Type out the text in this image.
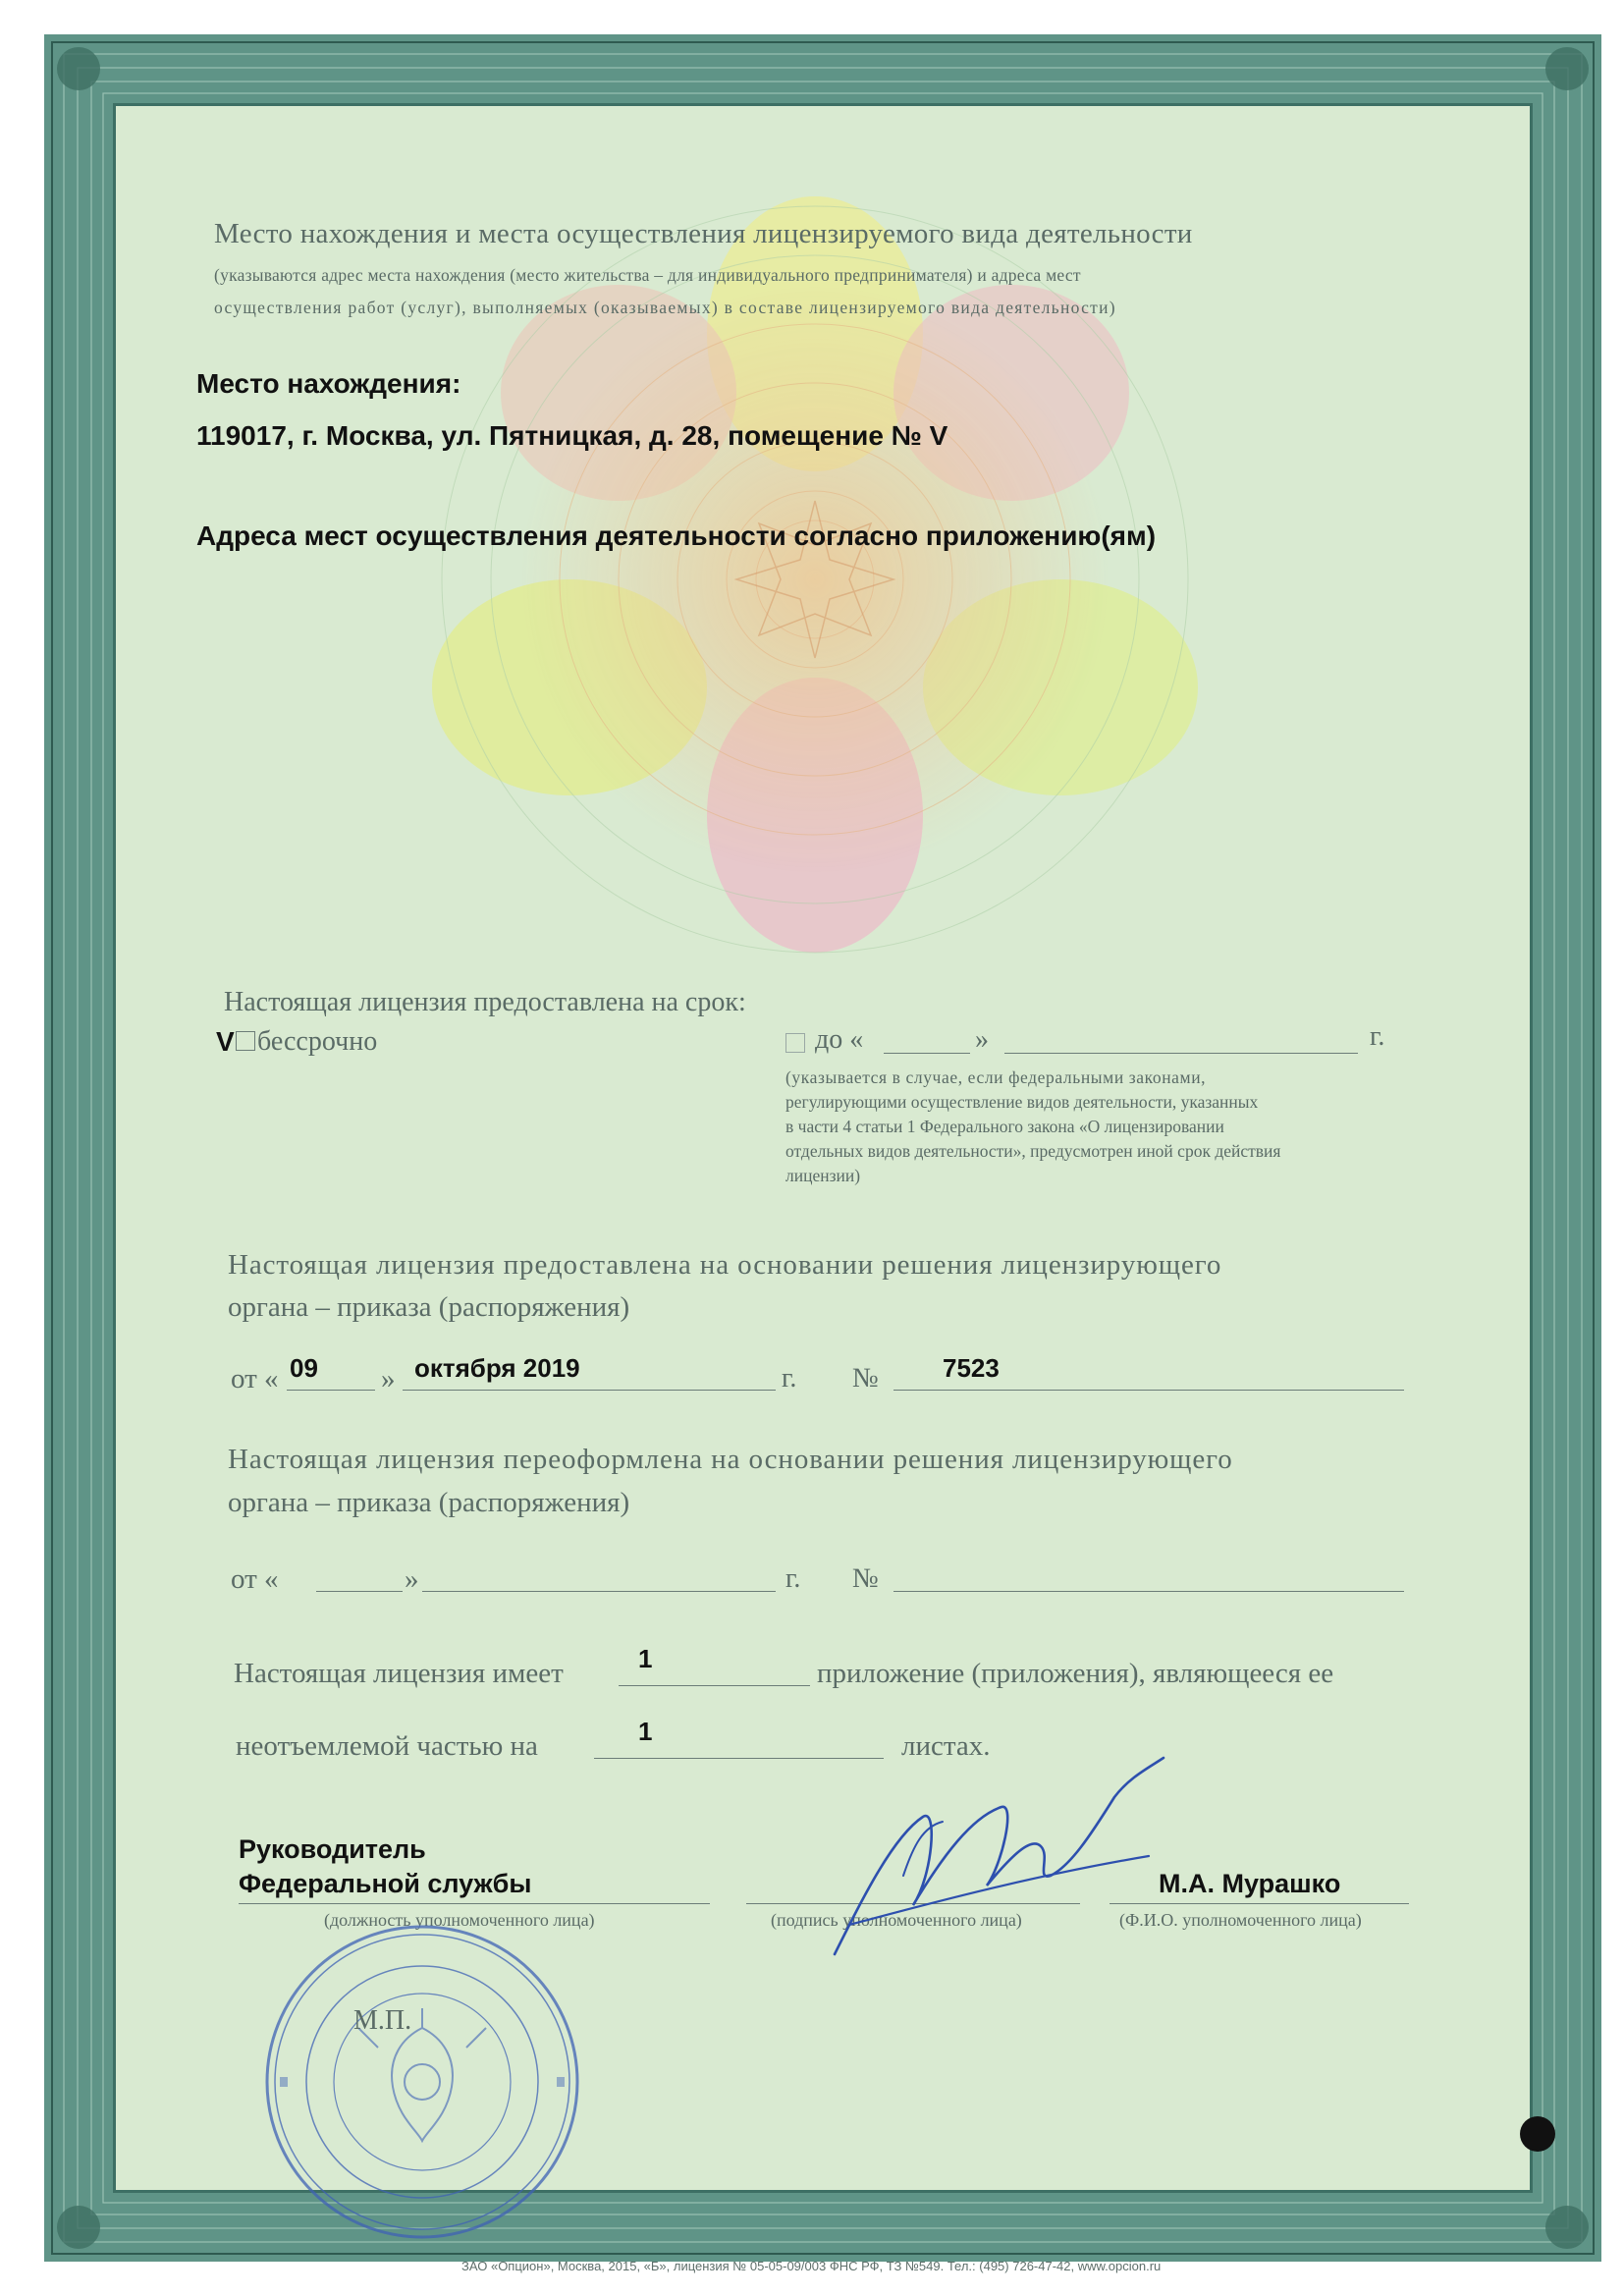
Место нахождения и места осуществления лицензируемого вида деятельности
(указываются адрес места нахождения (место жительства – для индивидуального предпринимателя) и адреса мест
осуществления работ (услуг), выполняемых (оказываемых) в составе лицензируемого вида деятельности)
Место нахождения:
119017, г. Москва, ул. Пятницкая, д. 28, помещение № V
Адреса мест осуществления деятельности согласно приложению(ям)
Настоящая лицензия предоставлена на срок:
V бессрочно	до «	»	г.
(указывается в случае, если федеральными законами,
регулирующими осуществление видов деятельности, указанных
в части 4 статьи 1 Федерального закона «О лицензировании
отдельных видов деятельности», предусмотрен иной срок действия
лицензии)
Настоящая лицензия предоставлена на основании решения лицензирующего
органа – приказа (распоряжения)
от « 09 » октября 2019	г. №	7523
Настоящая лицензия переоформлена на основании решения лицензирующего
органа – приказа (распоряжения)
от «	»	г. №
Настоящая лицензия имеет	1	приложение (приложения), являющееся ее
неотъемлемой частью на	1	листах.
Руководитель
Федеральной службы
(должность уполномоченного лица)	(подпись уполномоченного лица)
М.А. Мурашко
(Ф.И.О. уполномоченного лица)
М.П.
ЗАО «Опцион», Москва, 2015, «Б», лицензия № 05-05-09/003 ФНС РФ, ТЗ №549. Тел.: (495) 726-47-42, www.opcion.ru
